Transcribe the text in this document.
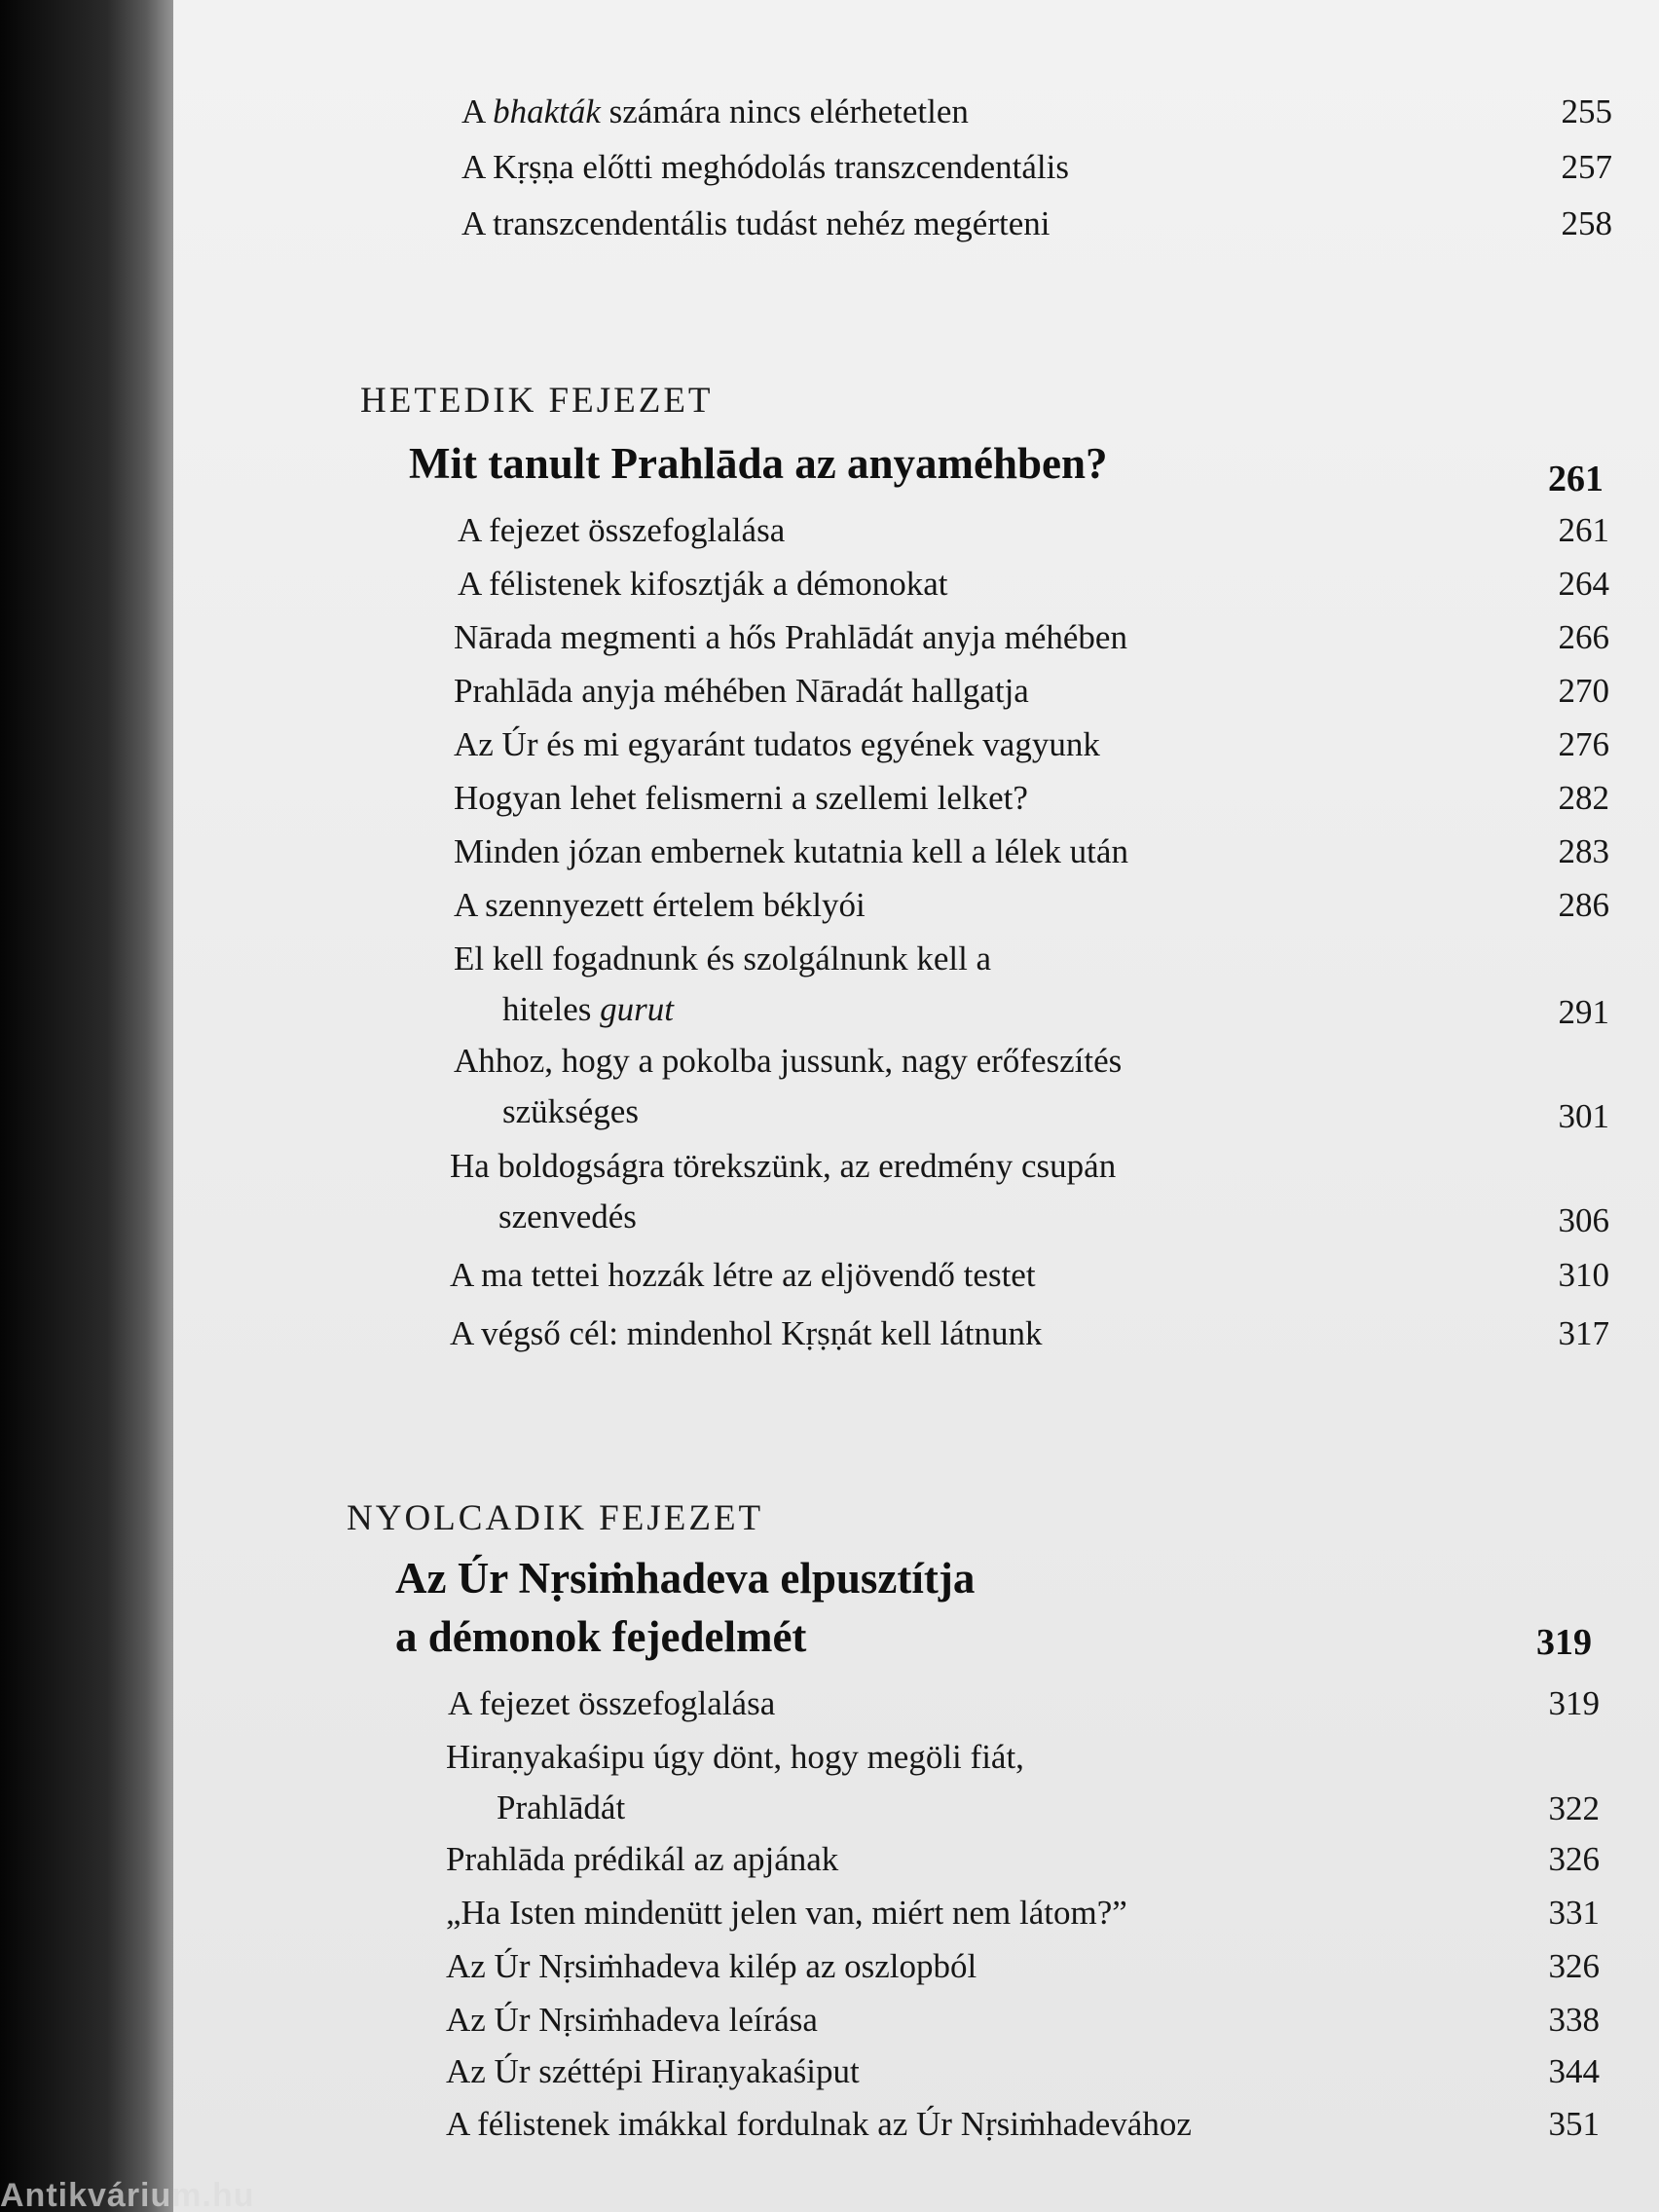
A bhakták számára nincs elérhetetlen	255
A Kṛṣṇa előtti meghódolás transzcendentális	257
A transzcendentális tudást nehéz megérteni	258
HETEDIK FEJEZET
Mit tanult Prahlāda az anyaméhben?	261
A fejezet összefoglalása	261
A félistenek kifosztják a démonokat	264
Nārada megmenti a hős Prahlādát anyja méhében	266
Prahlāda anyja méhében Nāradát hallgatja	270
Az Úr és mi egyaránt tudatos egyének vagyunk	276
Hogyan lehet felismerni a szellemi lelket?	282
Minden józan embernek kutatnia kell a lélek után	283
A szennyezett értelem béklyói	286
El kell fogadnunk és szolgálnunk kell a
hiteles gurut	291
Ahhoz, hogy a pokolba jussunk, nagy erőfeszítés
szükséges	301
Ha boldogságra törekszünk, az eredmény csupán
szenvedés	306
A ma tettei hozzák létre az eljövendő testet	310
A végső cél: mindenhol Kṛṣṇát kell látnunk	317
NYOLCADIK FEJEZET
Az Úr Nṛsiṁhadeva elpusztítja
a démonok fejedelmét	319
A fejezet összefoglalása	319
Hiraṇyakaśipu úgy dönt, hogy megöli fiát,
Prahlādát	322
Prahlāda prédikál az apjának	326
„Ha Isten mindenütt jelen van, miért nem látom?”	331
Az Úr Nṛsiṁhadeva kilép az oszlopból	326
Az Úr Nṛsiṁhadeva leírása	338
Az Úr széttépi Hiraṇyakaśiput	344
A félistenek imákkal fordulnak az Úr Nṛsiṁhadevához	351
Antikvárium.hu
